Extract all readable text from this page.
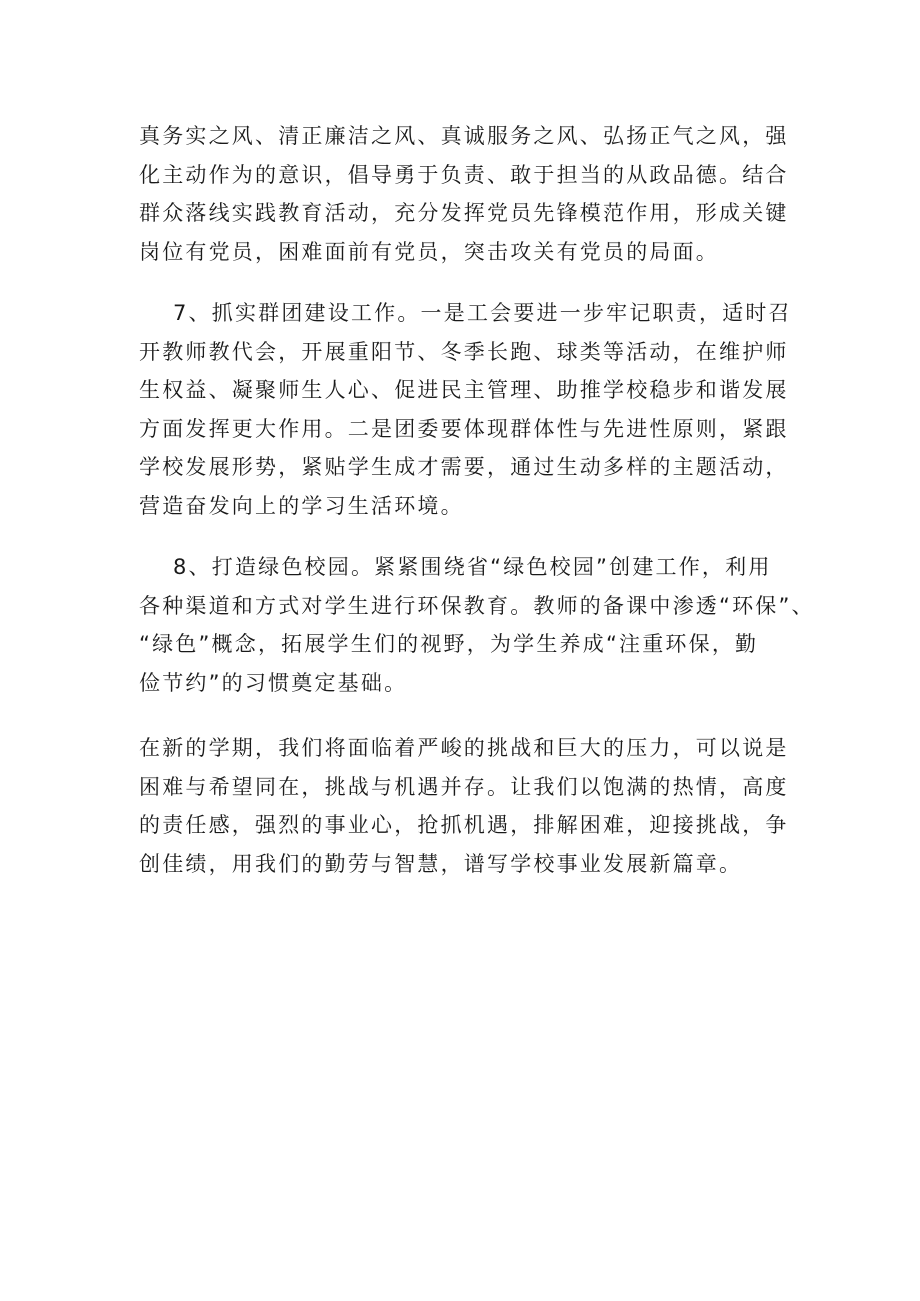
真务实之风、清正廉洁之风、真诚服务之风、弘扬正气之风，强
化主动作为的意识，倡导勇于负责、敢于担当的从政品德。结合
群众落线实践教育活动，充分发挥党员先锋模范作用，形成关键
岗位有党员，困难面前有党员，突击攻关有党员的局面。

7、抓实群团建设工作。一是工会要进一步牢记职责，适时召
开教师教代会，开展重阳节、冬季长跑、球类等活动，在维护师
生权益、凝聚师生人心、促进民主管理、助推学校稳步和谐发展
方面发挥更大作用。二是团委要体现群体性与先进性原则，紧跟
学校发展形势，紧贴学生成才需要，通过生动多样的主题活动，
营造奋发向上的学习生活环境。

8、打造绿色校园。紧紧围绕省“绿色校园”创建工作，利用
各种渠道和方式对学生进行环保教育。教师的备课中渗透“环保”、
“绿色”概念，拓展学生们的视野，为学生养成“注重环保，勤
俭节约”的习惯奠定基础。

在新的学期，我们将面临着严峻的挑战和巨大的压力，可以说是
困难与希望同在，挑战与机遇并存。让我们以饱满的热情，高度
的责任感，强烈的事业心，抢抓机遇，排解困难，迎接挑战，争
创佳绩，用我们的勤劳与智慧，谱写学校事业发展新篇章。
